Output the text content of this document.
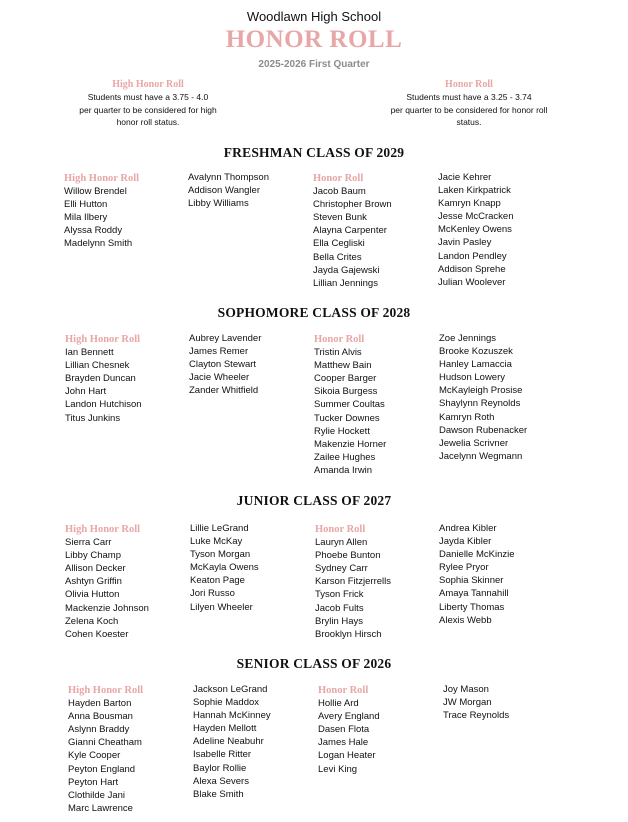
Woodlawn High School
HONOR ROLL
2025-2026 First Quarter
High Honor Roll
Students must have a 3.75 - 4.0
per quarter to be considered for high
honor roll status.
Honor Roll
Students must have a 3.25 - 3.74
per quarter to be considered for honor roll
status.
FRESHMAN CLASS OF 2029
High Honor Roll
Willow Brendel
Elli Hutton
Mila Ilbery
Alyssa Roddy
Madelynn Smith
Avalynn Thompson
Addison Wangler
Libby Williams
Honor Roll
Jacob Baum
Christopher Brown
Steven Bunk
Alayna Carpenter
Ella Cegliski
Bella Crites
Jayda Gajewski
Lillian Jennings
Jacie Kehrer
Laken Kirkpatrick
Kamryn Knapp
Jesse McCracken
McKenley Owens
Javin Pasley
Landon Pendley
Addison Sprehe
Julian Woolever
SOPHOMORE CLASS OF 2028
High Honor Roll
Ian Bennett
Lillian Chesnek
Brayden Duncan
John Hart
Landon Hutchison
Titus Junkins
Aubrey Lavender
James Remer
Clayton Stewart
Jacie Wheeler
Zander Whitfield
Honor Roll
Tristin Alvis
Matthew Bain
Cooper Barger
Sikoia Burgess
Summer Coultas
Tucker Downes
Rylie Hockett
Makenzie Horner
Zailee Hughes
Amanda Irwin
Zoe Jennings
Brooke Kozuszek
Hanley Lamaccia
Hudson Lowery
McKayleigh Prosise
Shaylynn Reynolds
Kamryn Roth
Dawson Rubenacker
Jewelia Scrivner
Jacelynn Wegmann
JUNIOR CLASS OF 2027
High Honor Roll
Sierra Carr
Libby Champ
Allison Decker
Ashtyn Griffin
Olivia Hutton
Mackenzie Johnson
Zelena Koch
Cohen Koester
Lillie LeGrand
Luke McKay
Tyson Morgan
McKayla Owens
Keaton Page
Jori Russo
Lilyen Wheeler
Honor Roll
Lauryn Allen
Phoebe Bunton
Sydney Carr
Karson Fitzjerrells
Tyson Frick
Jacob Fults
Brylin Hays
Brooklyn Hirsch
Andrea Kibler
Jayda Kibler
Danielle McKinzie
Rylee Pryor
Sophia Skinner
Amaya Tannahill
Liberty Thomas
Alexis Webb
SENIOR CLASS OF 2026
High Honor Roll
Hayden Barton
Anna Bousman
Aslynn Braddy
Gianni Cheatham
Kyle Cooper
Peyton England
Peyton Hart
Clothilde Jani
Marc Lawrence
Jackson LeGrand
Sophie Maddox
Hannah McKinney
Hayden Mellott
Adeline Neabuhr
Isabelle Ritter
Baylor Rollie
Alexa Severs
Blake Smith
Honor Roll
Hollie Ard
Avery England
Dasen Flota
James Hale
Logan Heater
Levi King
Joy Mason
JW Morgan
Trace Reynolds
